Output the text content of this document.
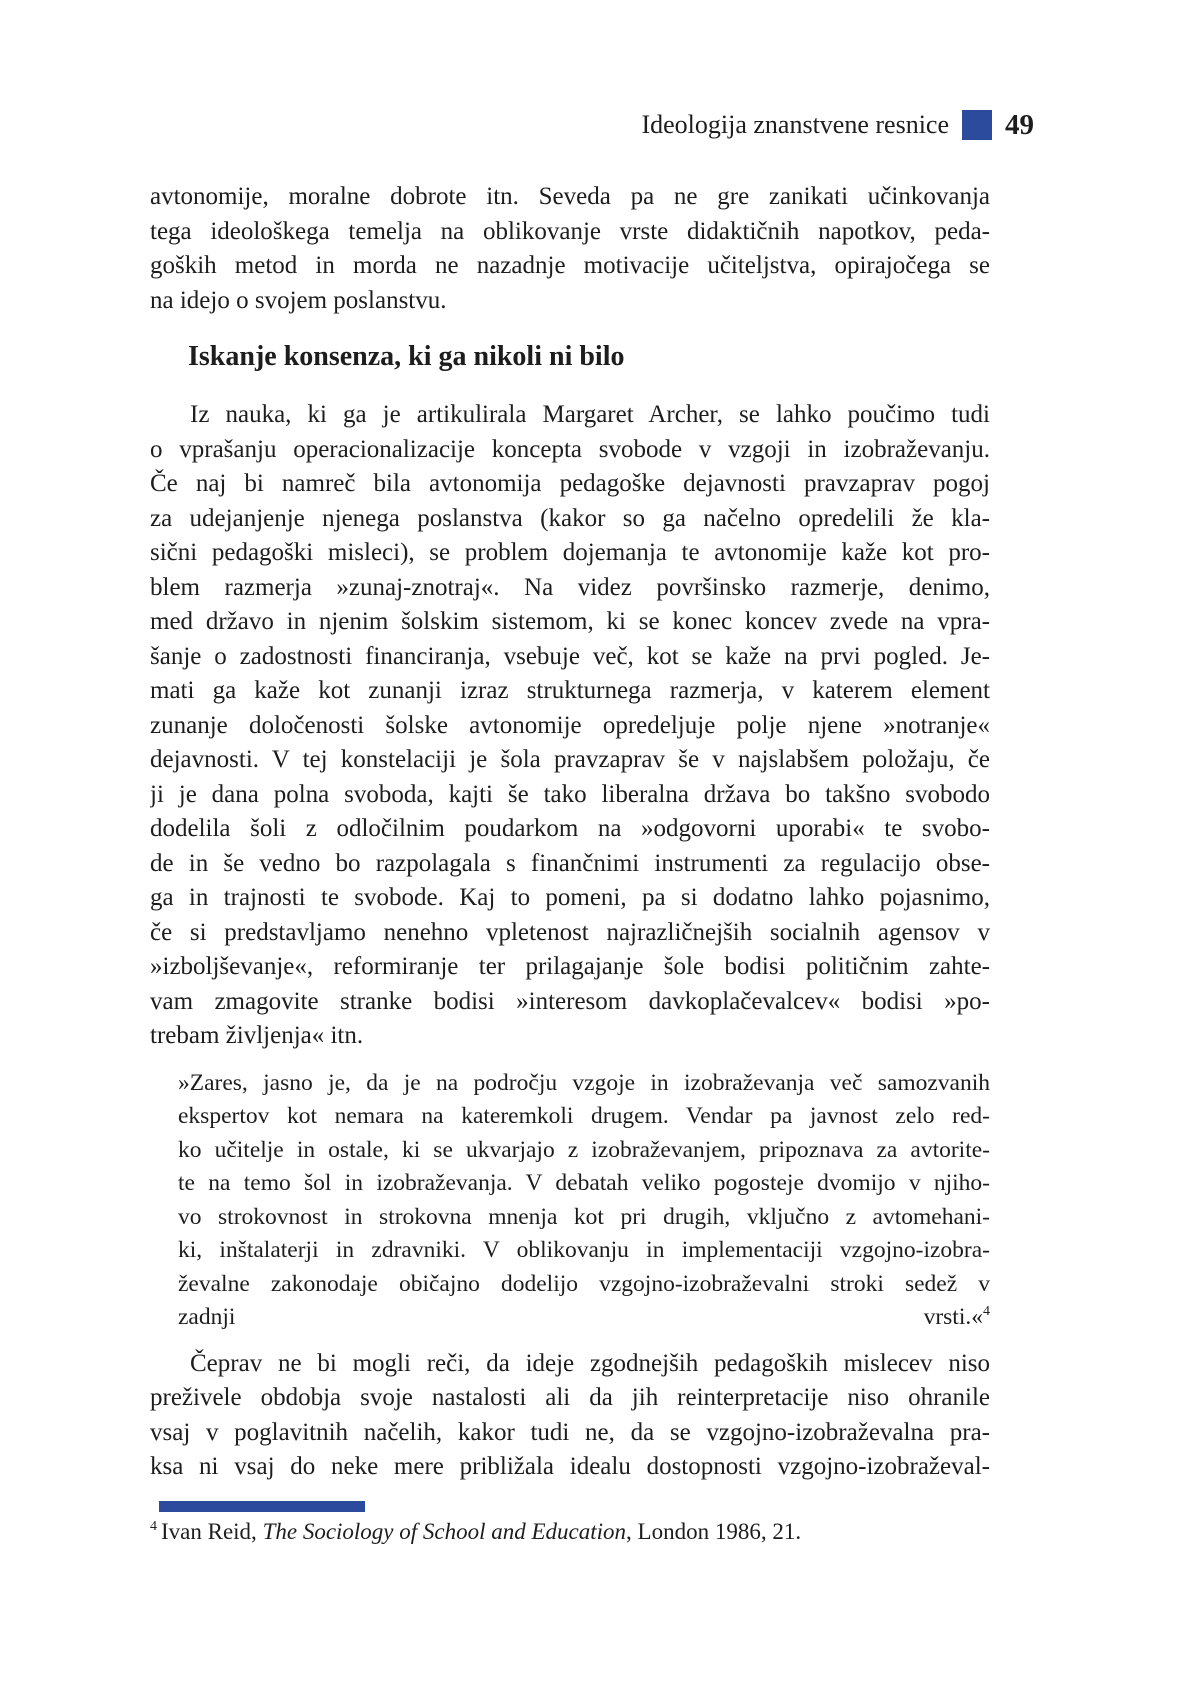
Ideologija znanstvene resnice 49
avtonomije, moralne dobrote itn. Seveda pa ne gre zanikati učinkovanja
tega ideološkega temelja na oblikovanje vrste didaktičnih napotkov, peda-
goških metod in morda ne nazadnje motivacije učiteljstva, opirajočega se
na idejo o svojem poslanstvu.
Iskanje konsenza, ki ga nikoli ni bilo
Iz nauka, ki ga je artikulirala Margaret Archer, se lahko poučimo tudi
o vprašanju operacionalizacije koncepta svobode v vzgoji in izobraževanju.
Če naj bi namreč bila avtonomija pedagoške dejavnosti pravzaprav pogoj
za udejanjenje njenega poslanstva (kakor so ga načelno opredelili že kla-
sični pedagoški misleci), se problem dojemanja te avtonomije kaže kot pro-
blem razmerja »zunaj-znotraj«. Na videz površinsko razmerje, denimo,
med državo in njenim šolskim sistemom, ki se konec koncev zvede na vpra-
šanje o zadostnosti financiranja, vsebuje več, kot se kaže na prvi pogled. Je-
mati ga kaže kot zunanji izraz strukturnega razmerja, v katerem element
zunanje določenosti šolske avtonomije opredeljuje polje njene »notranje«
dejavnosti. V tej konstelaciji je šola pravzaprav še v najslabšem položaju, če
ji je dana polna svoboda, kajti še tako liberalna država bo takšno svobodo
dodelila šoli z odločilnim poudarkom na »odgovorni uporabi« te svobo-
de in še vedno bo razpolagala s finančnimi instrumenti za regulacijo obse-
ga in trajnosti te svobode. Kaj to pomeni, pa si dodatno lahko pojasnimo,
če si predstavljamo nenehno vpletenost najrazličnejših socialnih agensov v
»izboljševanje«, reformiranje ter prilagajanje šole bodisi političnim zahte-
vam zmagovite stranke bodisi »interesom davkoplačevalcev« bodisi »po-
trebam življenja« itn.
»Zares, jasno je, da je na področju vzgoje in izobraževanja več samozvanih
ekspertov kot nemara na kateremkoli drugem. Vendar pa javnost zelo red-
ko učitelje in ostale, ki se ukvarjajo z izobraževanjem, pripoznava za avtorite-
te na temo šol in izobraževanja. V debatah veliko pogosteje dvomijo v njiho-
vo strokovnost in strokovna mnenja kot pri drugih, vključno z avtomehani-
ki, inštalaterji in zdravniki. V oblikovanju in implementaciji vzgojno-izobra-
ževalne zakonodaje običajno dodelijo vzgojno-izobraževalni stroki sedež v
zadnji vrsti.«$^4$
Čeprav ne bi mogli reči, da ideje zgodnejših pedagoških mislecev niso
preživele obdobja svoje nastalosti ali da jih reinterpretacije niso ohranile
vsaj v poglavitnih načelih, kakor tudi ne, da se vzgojno-izobraževalna pra-
ksa ni vsaj do neke mere približala idealu dostopnosti vzgojno-izobraževal-
$^4$ Ivan Reid, The Sociology of School and Education, London 1986, 21.
